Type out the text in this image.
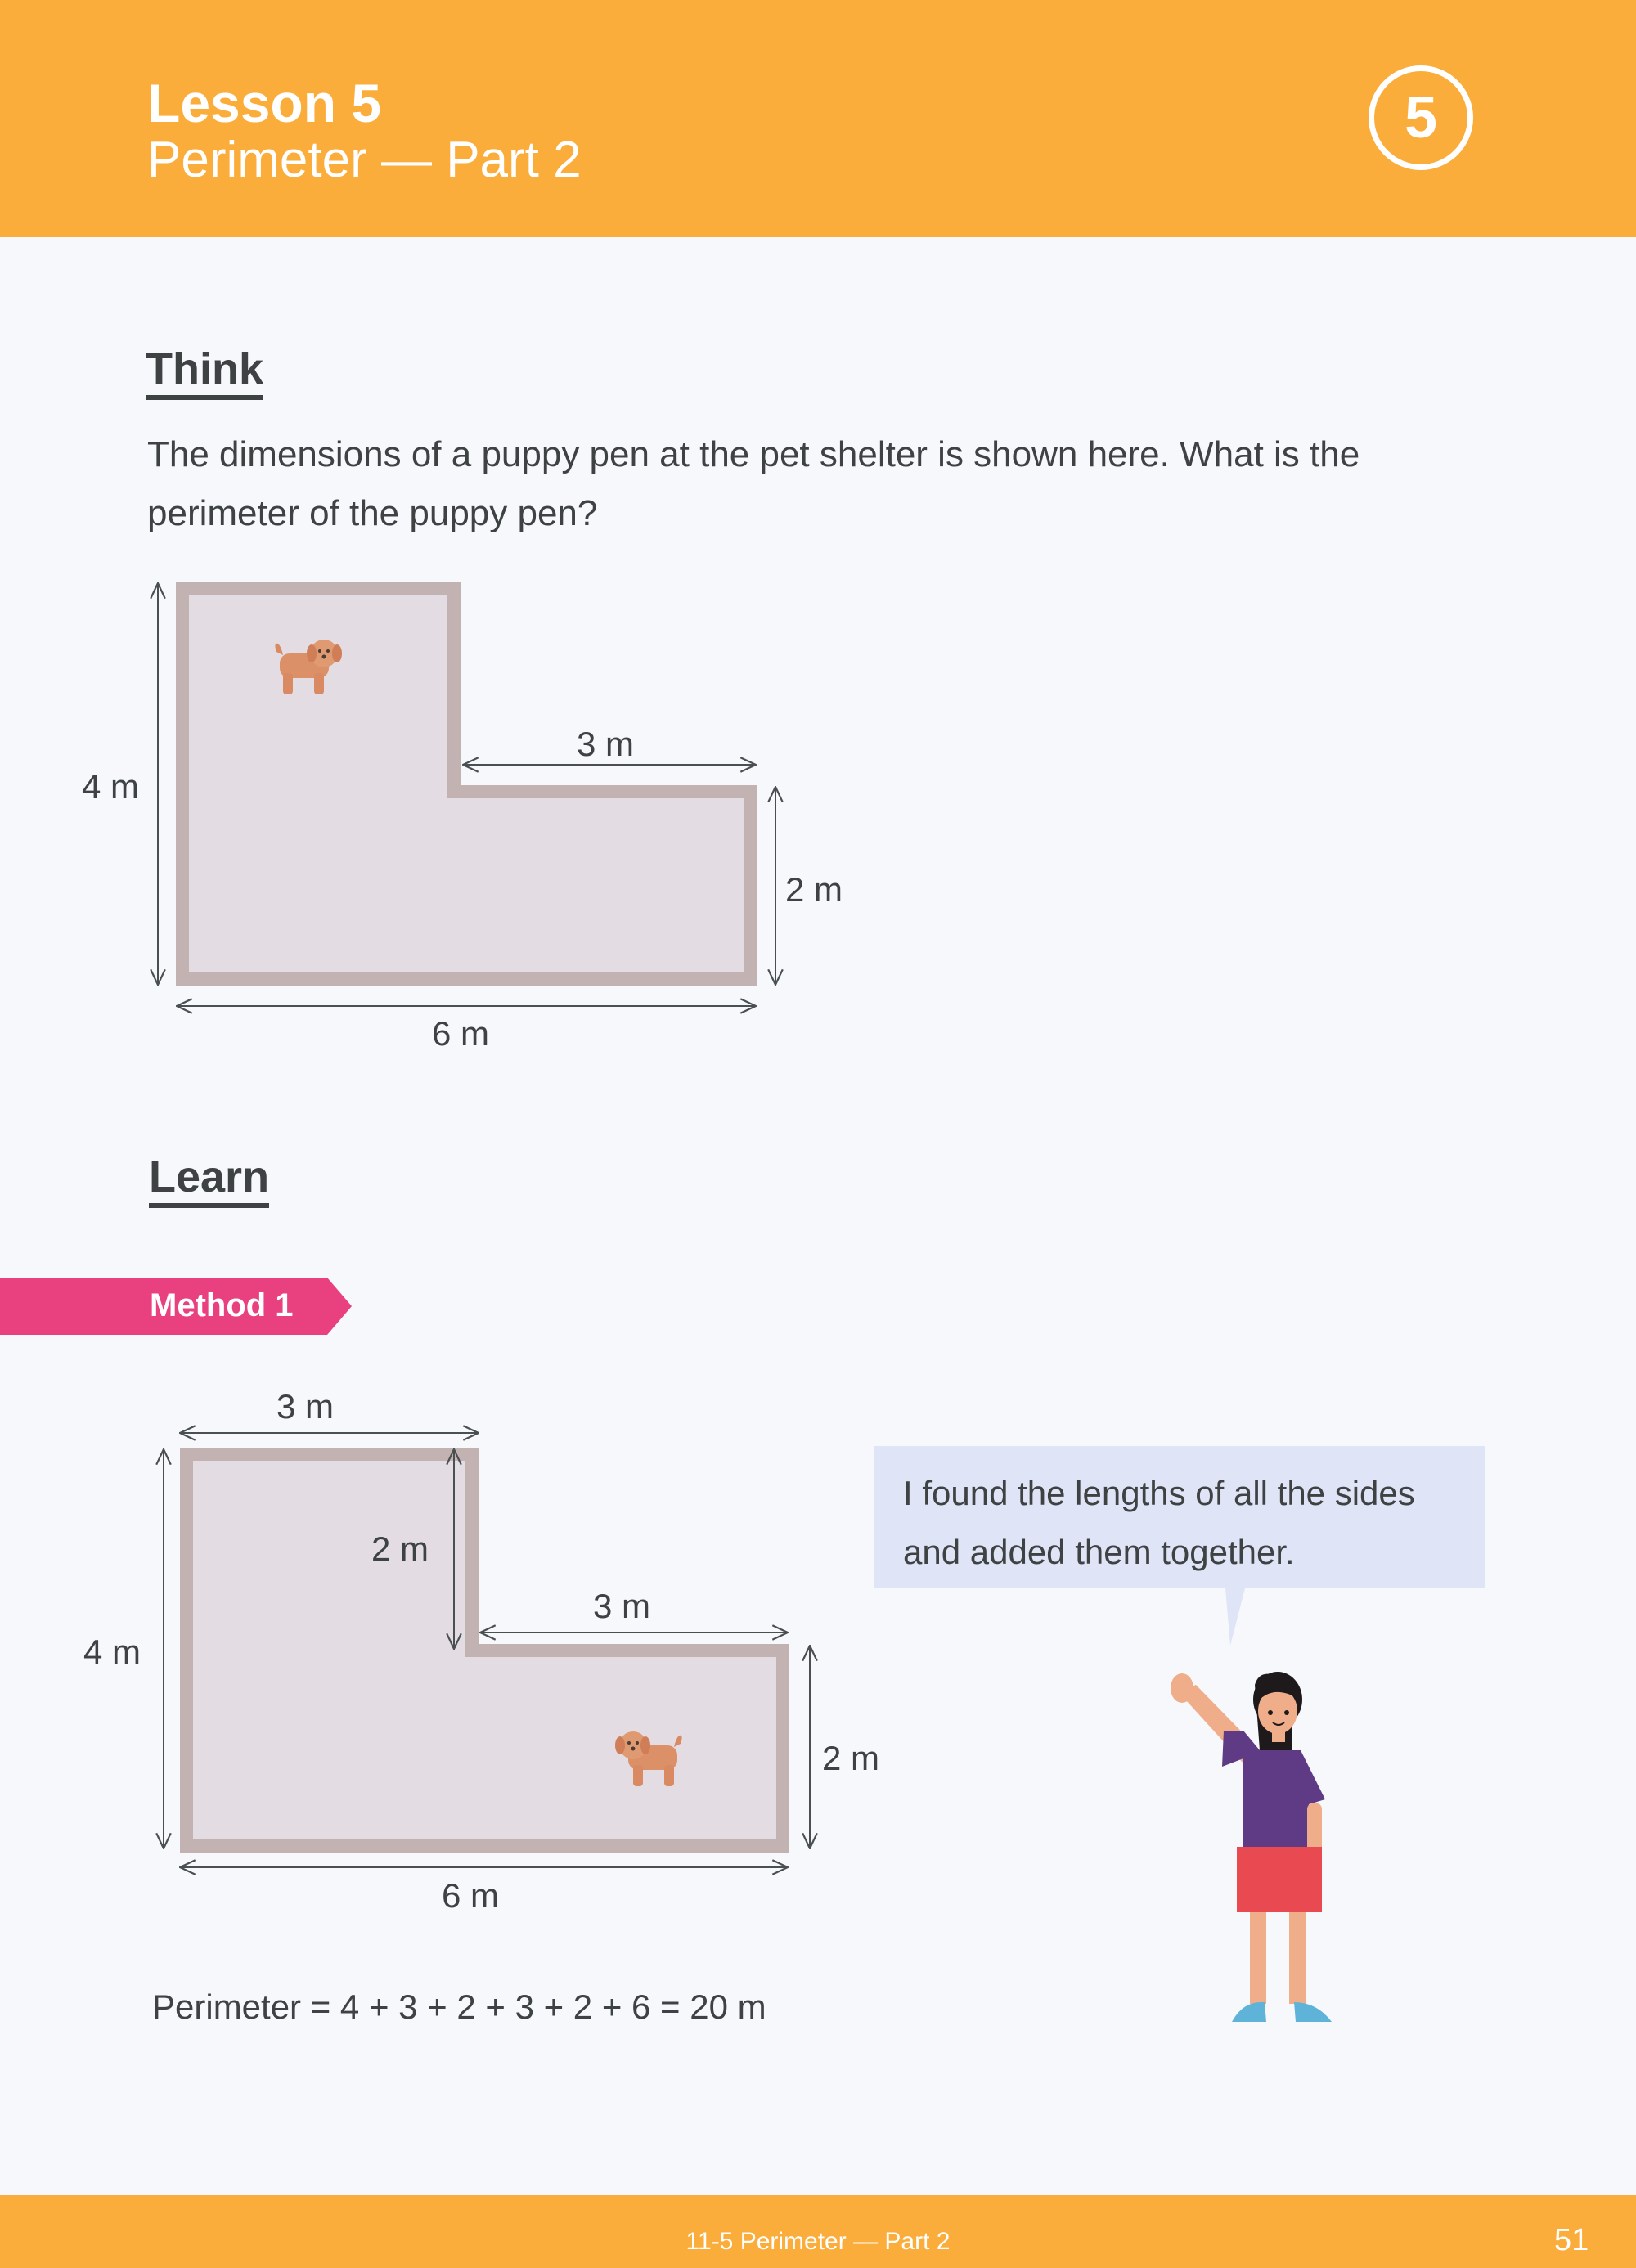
Lesson 5
Perimeter — Part 2
5
Think
The dimensions of a puppy pen at the pet shelter is shown here. What is the perimeter of the puppy pen?
4 m
3 m
2 m
6 m
Learn
Method 1
3 m
2 m
3 m
4 m
2 m
6 m
I found the lengths of all the sides and added them together.
Perimeter = 4 + 3 + 2 + 3 + 2 + 6 = 20 m
11-5 Perimeter — Part 2	51
